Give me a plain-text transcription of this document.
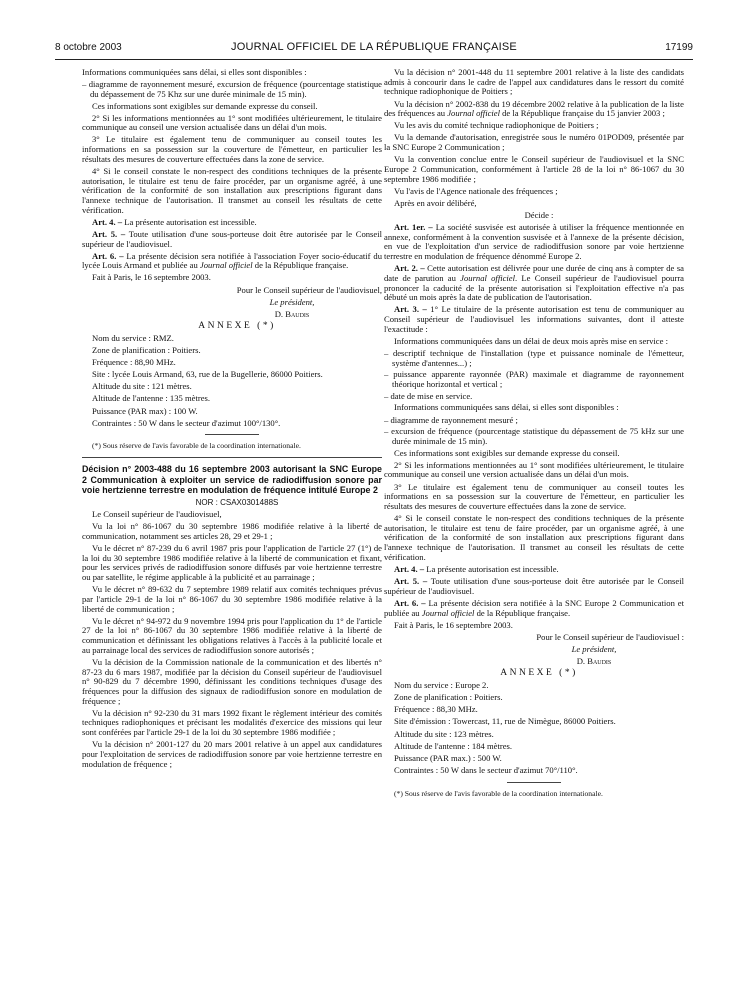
8 octobre 2003	JOURNAL OFFICIEL DE LA RÉPUBLIQUE FRANÇAISE	17199

Informations communiquées sans délai, si elles sont disponibles :

– diagramme de rayonnement mesuré, excursion de fréquence (pourcentage statistique du dépassement de 75 Khz sur une durée minimale de 15 min).

Ces informations sont exigibles sur demande expresse du conseil.

2° Si les informations mentionnées au 1° sont modifiées ultérieurement, le titulaire communique au conseil une version actualisée dans un délai d'un mois.

3° Le titulaire est également tenu de communiquer au conseil toutes les informations en sa possession sur la couverture de l'émetteur, en particulier les résultats des mesures de couverture effectuées dans la zone de service.

4° Si le conseil constate le non-respect des conditions techniques de la présente autorisation, le titulaire est tenu de faire procéder, par un organisme agréé, à une vérification de la conformité de son installation aux prescriptions figurant dans l'annexe technique de l'autorisation. Il transmet au conseil les résultats de cette vérification.

Art. 4. – La présente autorisation est incessible.

Art. 5. – Toute utilisation d'une sous-porteuse doit être autorisée par le Conseil supérieur de l'audiovisuel.

Art. 6. – La présente décision sera notifiée à l'association Foyer socio-éducatif du lycée Louis Armand et publiée au Journal officiel de la République française.

Fait à Paris, le 16 septembre 2003.

Pour le Conseil supérieur de l'audiovisuel,

Le président,

D. Baudis

ANNEXE (*)

Nom du service : RMZ.

Zone de planification : Poitiers.

Fréquence : 88,90 MHz.

Site : lycée Louis Armand, 63, rue de la Bugellerie, 86000 Poitiers.

Altitude du site : 121 mètres.

Altitude de l'antenne : 135 mètres.

Puissance (PAR max) : 100 W.

Contraintes : 50 W dans le secteur d'azimut 100°/130°.

(*) Sous réserve de l'avis favorable de la coordination internationale.

Décision n° 2003-488 du 16 septembre 2003 autorisant la SNC Europe 2 Communication à exploiter un service de radiodiffusion sonore par voie hertzienne terrestre en modulation de fréquence intitulé Europe 2

NOR : CSAX0301488S

Le Conseil supérieur de l'audiovisuel,

Vu la loi n° 86-1067 du 30 septembre 1986 modifiée relative à la liberté de communication, notamment ses articles 28, 29 et 29-1 ;

Vu le décret n° 87-239 du 6 avril 1987 pris pour l'application de l'article 27 (1°) de la loi du 30 septembre 1986 modifiée relative à la liberté de communication et fixant, pour les services privés de radiodiffusion sonore diffusés par voie hertzienne terrestre ou par satellite, le régime applicable à la publicité et au parrainage ;

Vu le décret n° 89-632 du 7 septembre 1989 relatif aux comités techniques prévus par l'article 29-1 de la loi n° 86-1067 du 30 septembre 1986 modifiée relative à la liberté de communication ;

Vu le décret n° 94-972 du 9 novembre 1994 pris pour l'application du 1° de l'article 27 de la loi n° 86-1067 du 30 septembre 1986 modifiée relative à la liberté de communication et définissant les obligations relatives à l'accès à la publicité locale et au parrainage local des services de radiodiffusion sonore autorisés ;

Vu la décision de la Commission nationale de la communication et des libertés n° 87-23 du 6 mars 1987, modifiée par la décision du Conseil supérieur de l'audiovisuel n° 90-829 du 7 décembre 1990, définissant les conditions techniques d'usage des fréquences pour la diffusion des signaux de radiodiffusion sonore en modulation de fréquence ;

Vu la décision n° 92-230 du 31 mars 1992 fixant le règlement intérieur des comités techniques radiophoniques et précisant les modalités d'exercice des missions qui leur sont conférées par l'article 29-1 de la loi du 30 septembre 1986 modifiée ;

Vu la décision n° 2001-127 du 20 mars 2001 relative à un appel aux candidatures pour l'exploitation de services de radiodiffusion sonore par voie hertzienne terrestre en modulation de fréquence ;

Vu la décision n° 2001-448 du 11 septembre 2001 relative à la liste des candidats admis à concourir dans le cadre de l'appel aux candidatures dans le ressort du comité technique radiophonique de Poitiers ;

Vu la décision n° 2002-838 du 19 décembre 2002 relative à la publication de la liste des fréquences au Journal officiel de la République française du 15 janvier 2003 ;

Vu les avis du comité technique radiophonique de Poitiers ;

Vu la demande d'autorisation, enregistrée sous le numéro 01POD09, présentée par la SNC Europe 2 Communication ;

Vu la convention conclue entre le Conseil supérieur de l'audiovisuel et la SNC Europe 2 Communication, conformément à l'article 28 de la loi n° 86-1067 du 30 septembre 1986 modifiée ;

Vu l'avis de l'Agence nationale des fréquences ;

Après en avoir délibéré,

Décide :

Art. 1er. – La société susvisée est autorisée à utiliser la fréquence mentionnée en annexe, conformément à la convention susvisée et à l'annexe de la présente décision, en vue de l'exploitation d'un service de radiodiffusion sonore par voie hertzienne terrestre en modulation de fréquence dénommé Europe 2.

Art. 2. – Cette autorisation est délivrée pour une durée de cinq ans à compter de sa date de parution au Journal officiel. Le Conseil supérieur de l'audiovisuel pourra prononcer la caducité de la présente autorisation si l'exploitation effective n'a pas débuté un mois après la date de publication de l'autorisation.

Art. 3. – 1° Le titulaire de la présente autorisation est tenu de communiquer au Conseil supérieur de l'audiovisuel les informations suivantes, dont il atteste l'exactitude :

Informations communiquées dans un délai de deux mois après mise en service :

– descriptif technique de l'installation (type et puissance nominale de l'émetteur, système d'antennes...) ;
– puissance apparente rayonnée (PAR) maximale et diagramme de rayonnement théorique horizontal et vertical ;
– date de mise en service.

Informations communiquées sans délai, si elles sont disponibles :

– diagramme de rayonnement mesuré ;
– excursion de fréquence (pourcentage statistique du dépassement de 75 kHz sur une durée minimale de 15 min).

Ces informations sont exigibles sur demande expresse du conseil.

2° Si les informations mentionnées au 1° sont modifiées ultérieurement, le titulaire communique au conseil une version actualisée dans un délai d'un mois.

3° Le titulaire est également tenu de communiquer au conseil toutes les informations en sa possession sur la couverture de l'émetteur, en particulier les résultats des mesures de couverture effectuées dans la zone de service.

4° Si le conseil constate le non-respect des conditions techniques de la présente autorisation, le titulaire est tenu de faire procéder, par un organisme agréé, à une vérification de la conformité de son installation aux prescriptions figurant dans l'annexe technique de l'autorisation. Il transmet au conseil les résultats de cette vérification.

Art. 4. – La présente autorisation est incessible.

Art. 5. – Toute utilisation d'une sous-porteuse doit être autorisée par le Conseil supérieur de l'audiovisuel.

Art. 6. – La présente décision sera notifiée à la SNC Europe 2 Communication et publiée au Journal officiel de la République française.

Fait à Paris, le 16 septembre 2003.

Pour le Conseil supérieur de l'audiovisuel :

Le président,

D. Baudis

ANNEXE (*)

Nom du service : Europe 2.

Zone de planification : Poitiers.

Fréquence : 88,30 MHz.

Site d'émission : Towercast, 11, rue de Nimègue, 86000 Poitiers.

Altitude du site : 123 mètres.

Altitude de l'antenne : 184 mètres.

Puissance (PAR max.) : 500 W.

Contraintes : 50 W dans le secteur d'azimut 70°/110°.

(*) Sous réserve de l'avis favorable de la coordination internationale.
